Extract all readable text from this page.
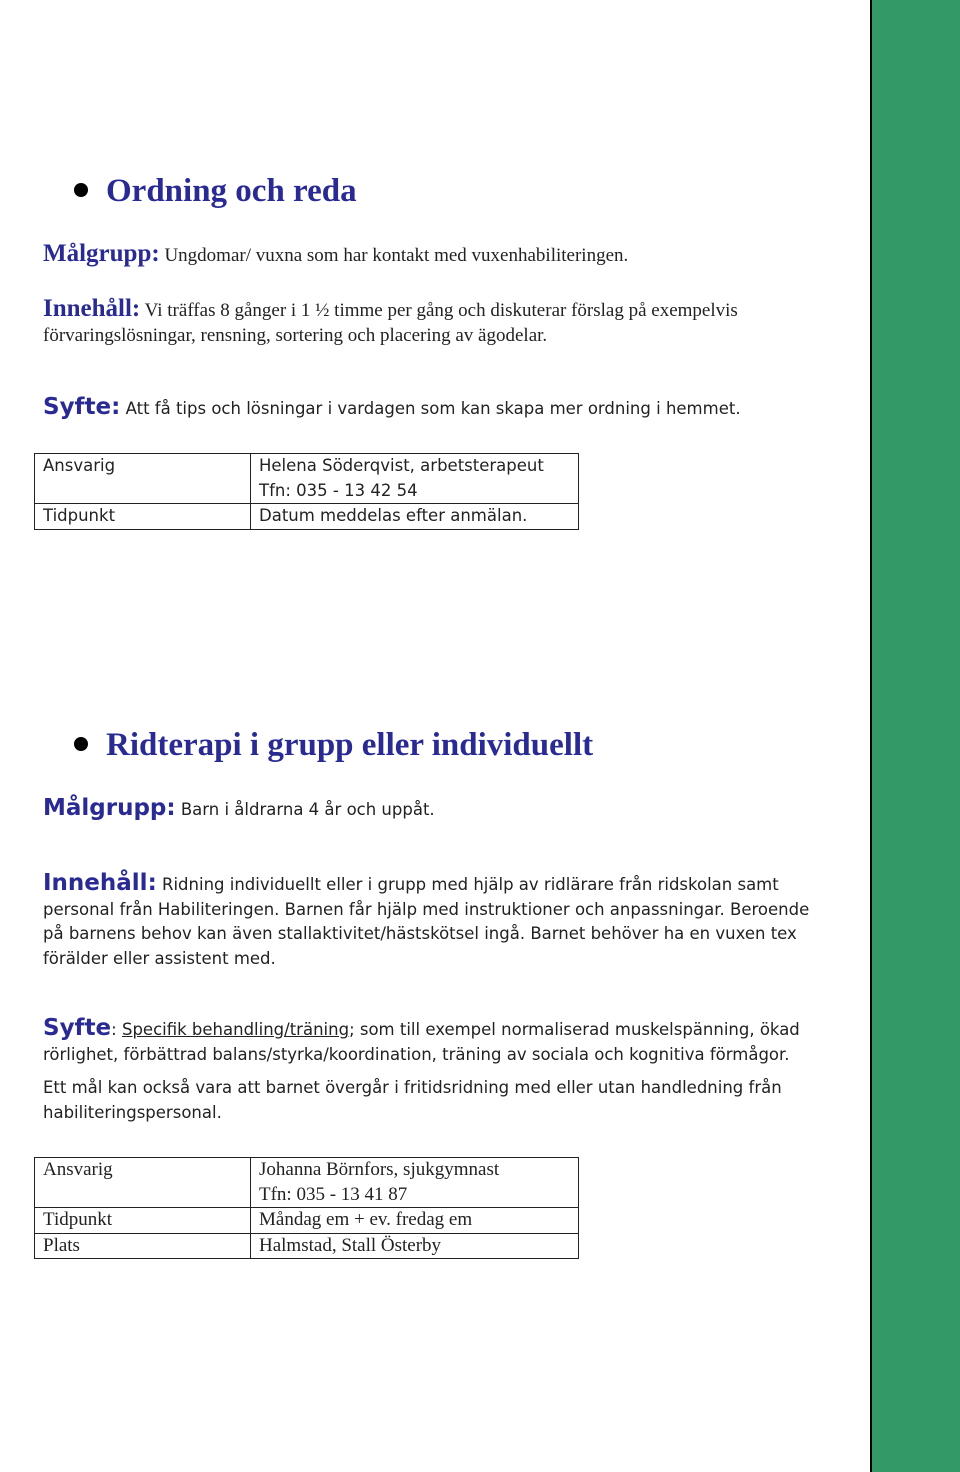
Ordning och reda

Målgrupp: Ungdomar/ vuxna som har kontakt med vuxenhabiliteringen.

Innehåll: Vi träffas 8 gånger i 1 ½ timme per gång och diskuterar förslag på exempelvis förvaringslösningar, rensning, sortering och placering av ägodelar.

Syfte: Att få tips och lösningar i vardagen som kan skapa mer ordning i hemmet.

Ansvarig	Helena Söderqvist, arbetsterapeut
Tfn: 035 - 13 42 54

Tidpunkt	Datum meddelas efter anmälan.
Ridterapi i grupp eller individuellt

Målgrupp: Barn i åldrarna 4 år och uppåt.

Innehåll: Ridning individuellt eller i grupp med hjälp av ridlärare från ridskolan samt personal från Habiliteringen. Barnen får hjälp med instruktioner och anpassningar. Beroende på barnens behov kan även stallaktivitet/hästskötsel ingå. Barnet behöver ha en vuxen tex förälder eller assistent med.

Syfte: Specifik behandling/träning; som till exempel normaliserad muskelspänning, ökad rörlighet, förbättrad balans/styrka/koordination, träning av sociala och kognitiva förmågor.

Ett mål kan också vara att barnet övergår i fritidsridning med eller utan handledning från habiliteringspersonal.

Ansvarig	Johanna Börnfors, sjukgymnast
Tfn: 035 - 13 41 87

Tidpunkt	Måndag em + ev. fredag em
Plats	Halmstad, Stall Österby
